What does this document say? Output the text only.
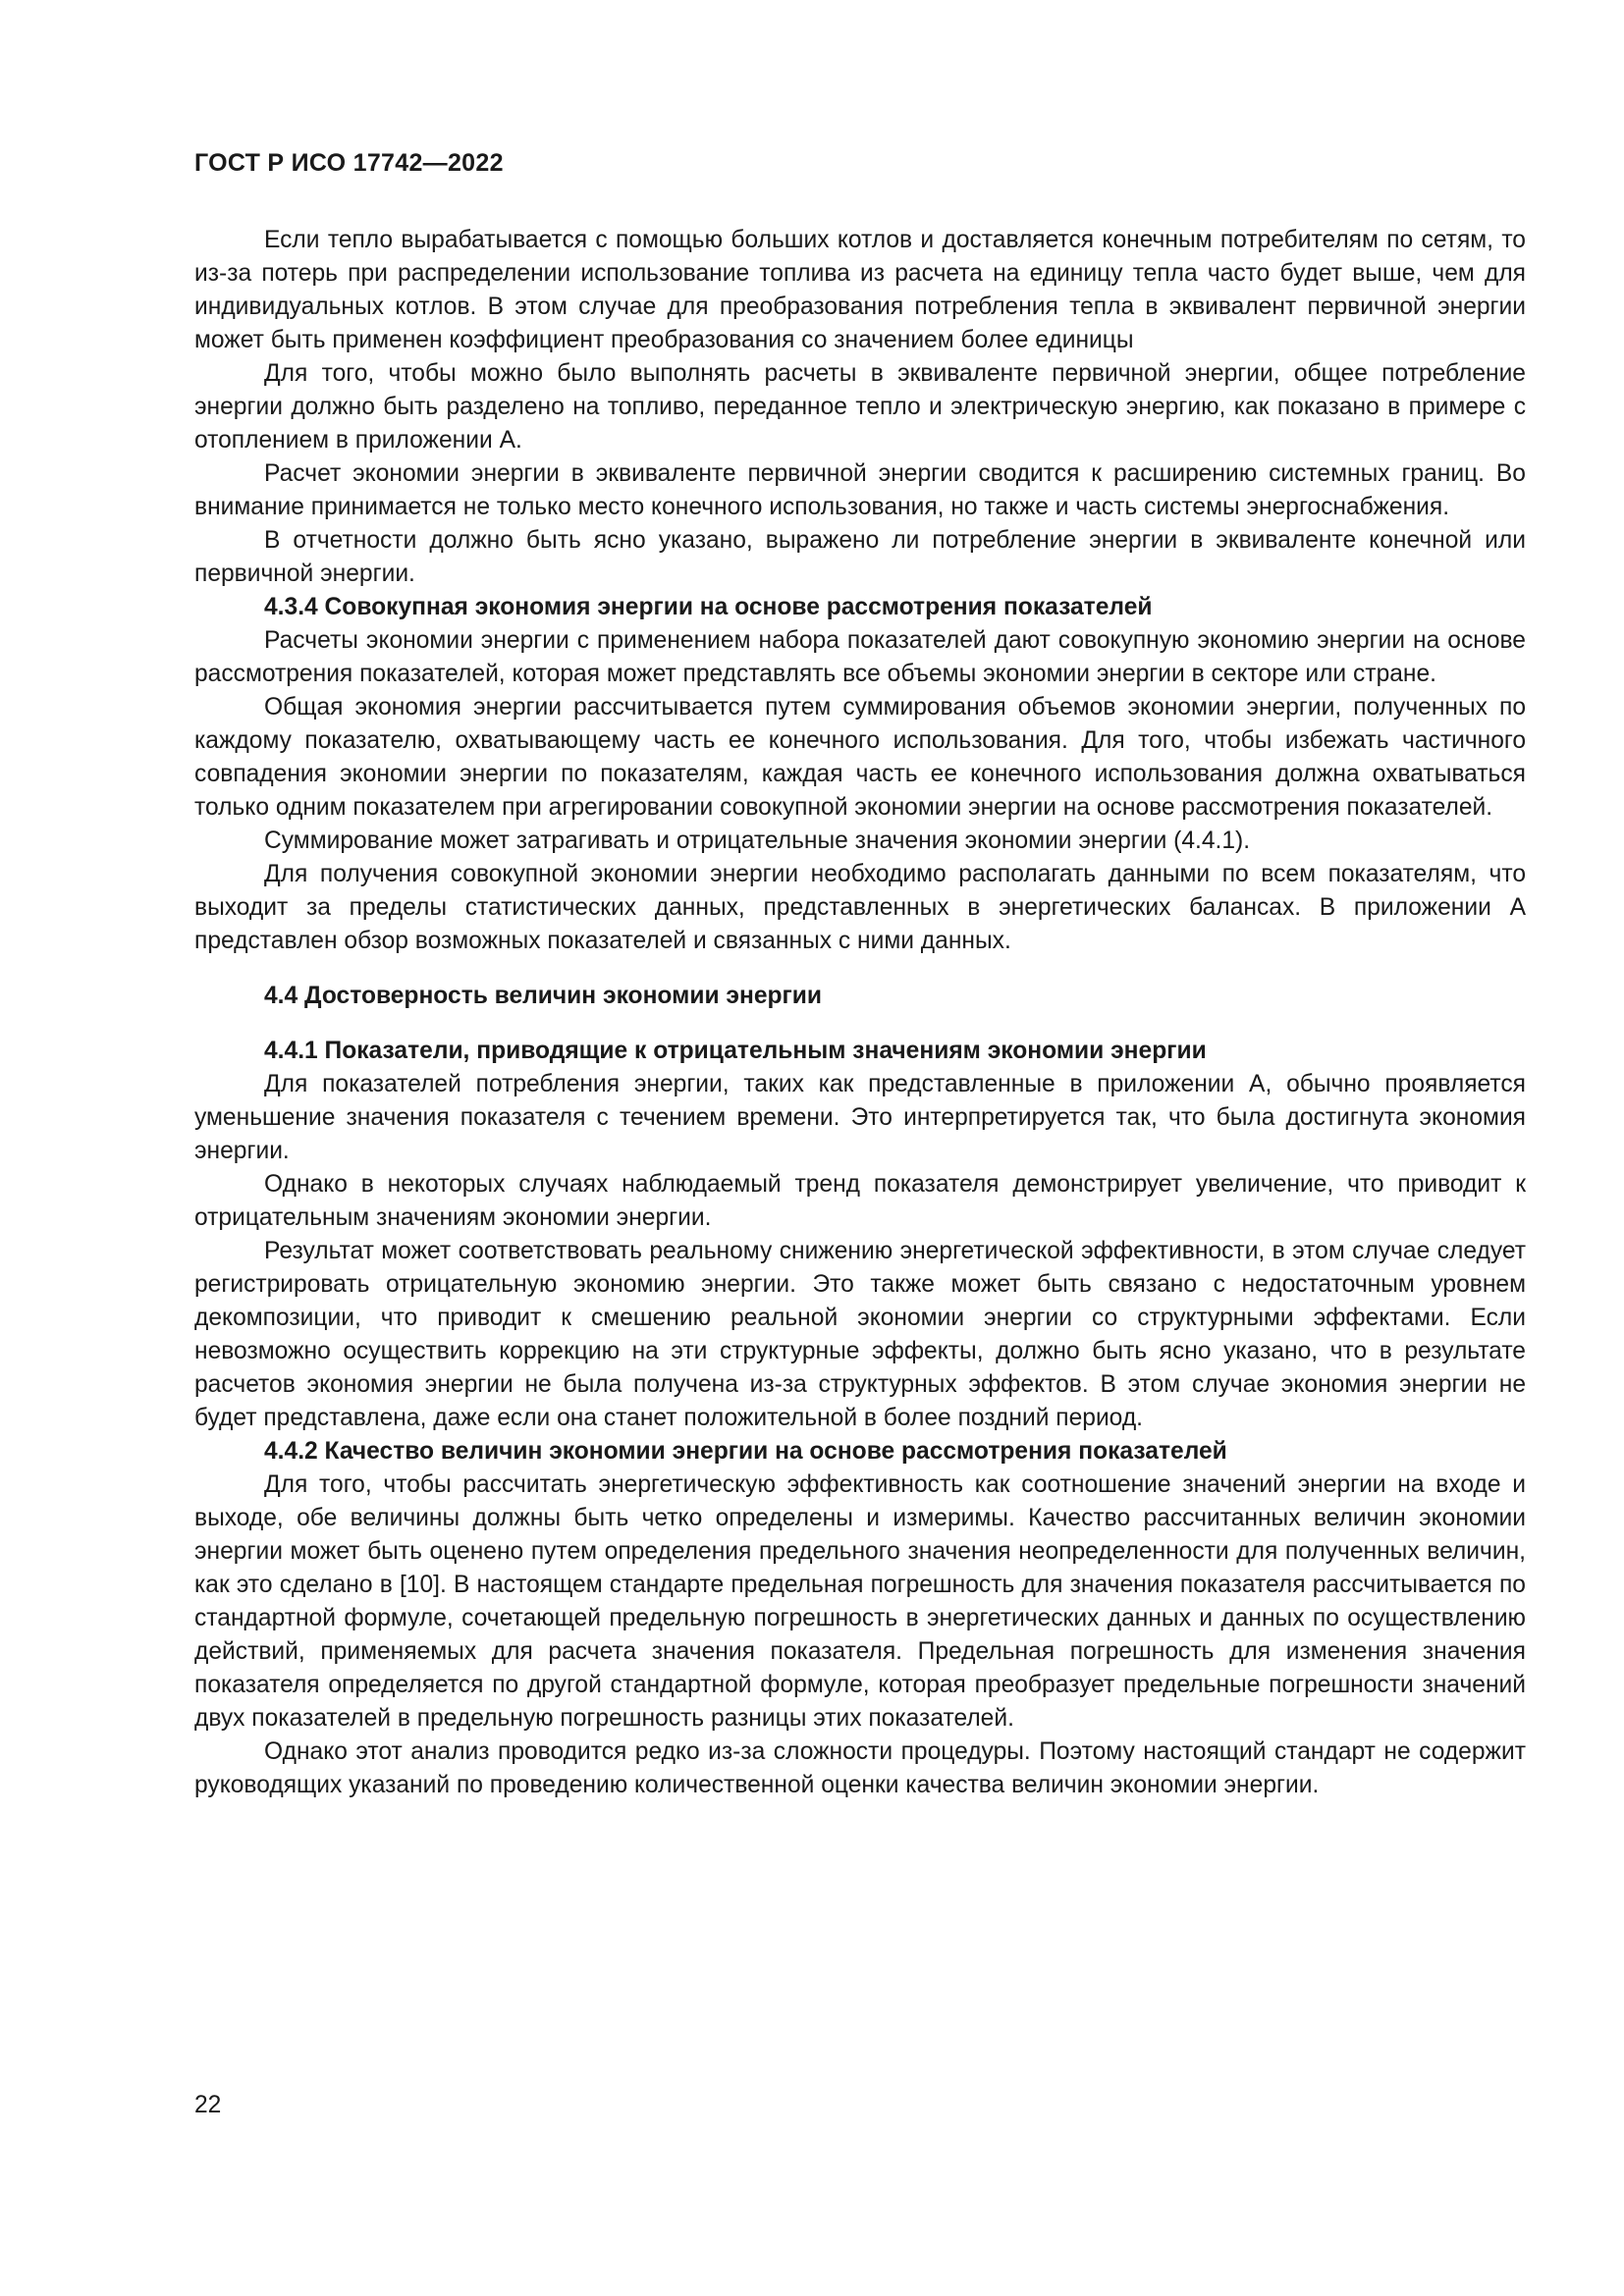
ГОСТ Р ИСО 17742—2022

Если тепло вырабатывается с помощью больших котлов и доставляется конечным потребителям по сетям, то из-за потерь при распределении использование топлива из расчета на единицу тепла часто будет выше, чем для индивидуальных котлов. В этом случае для преобразования потребления тепла в эквивалент первичной энергии может быть применен коэффициент преобразования со значением более единицы

Для того, чтобы можно было выполнять расчеты в эквиваленте первичной энергии, общее потребление энергии должно быть разделено на топливо, переданное тепло и электрическую энергию, как показано в примере с отоплением в приложении А.

Расчет экономии энергии в эквиваленте первичной энергии сводится к расширению системных границ. Во внимание принимается не только место конечного использования, но также и часть системы энергоснабжения.

В отчетности должно быть ясно указано, выражено ли потребление энергии в эквиваленте конечной или первичной энергии.

4.3.4 Совокупная экономия энергии на основе рассмотрения показателей

Расчеты экономии энергии с применением набора показателей дают совокупную экономию энергии на основе рассмотрения показателей, которая может представлять все объемы экономии энергии в секторе или стране.

Общая экономия энергии рассчитывается путем суммирования объемов экономии энергии, полученных по каждому показателю, охватывающему часть ее конечного использования. Для того, чтобы избежать частичного совпадения экономии энергии по показателям, каждая часть ее конечного использования должна охватываться только одним показателем при агрегировании совокупной экономии энергии на основе рассмотрения показателей.

Суммирование может затрагивать и отрицательные значения экономии энергии (4.4.1).

Для получения совокупной экономии энергии необходимо располагать данными по всем показателям, что выходит за пределы статистических данных, представленных в энергетических балансах. В приложении А представлен обзор возможных показателей и связанных с ними данных.

4.4 Достоверность величин экономии энергии
4.4.1 Показатели, приводящие к отрицательным значениям экономии энергии

Для показателей потребления энергии, таких как представленные в приложении А, обычно проявляется уменьшение значения показателя с течением времени. Это интерпретируется так, что была достигнута экономия энергии.

Однако в некоторых случаях наблюдаемый тренд показателя демонстрирует увеличение, что приводит к отрицательным значениям экономии энергии.

Результат может соответствовать реальному снижению энергетической эффективности, в этом случае следует регистрировать отрицательную экономию энергии. Это также может быть связано с недостаточным уровнем декомпозиции, что приводит к смешению реальной экономии энергии со структурными эффектами. Если невозможно осуществить коррекцию на эти структурные эффекты, должно быть ясно указано, что в результате расчетов экономия энергии не была получена из-за структурных эффектов. В этом случае экономия энергии не будет представлена, даже если она станет положительной в более поздний период.

4.4.2 Качество величин экономии энергии на основе рассмотрения показателей

Для того, чтобы рассчитать энергетическую эффективность как соотношение значений энергии на входе и выходе, обе величины должны быть четко определены и измеримы. Качество рассчитанных величин экономии энергии может быть оценено путем определения предельного значения неопределенности для полученных величин, как это сделано в [10]. В настоящем стандарте предельная погрешность для значения показателя рассчитывается по стандартной формуле, сочетающей предельную погрешность в энергетических данных и данных по осуществлению действий, применяемых для расчета значения показателя. Предельная погрешность для изменения значения показателя определяется по другой стандартной формуле, которая преобразует предельные погрешности значений двух показателей в предельную погрешность разницы этих показателей.

Однако этот анализ проводится редко из-за сложности процедуры. Поэтому настоящий стандарт не содержит руководящих указаний по проведению количественной оценки качества величин экономии энергии.

22
